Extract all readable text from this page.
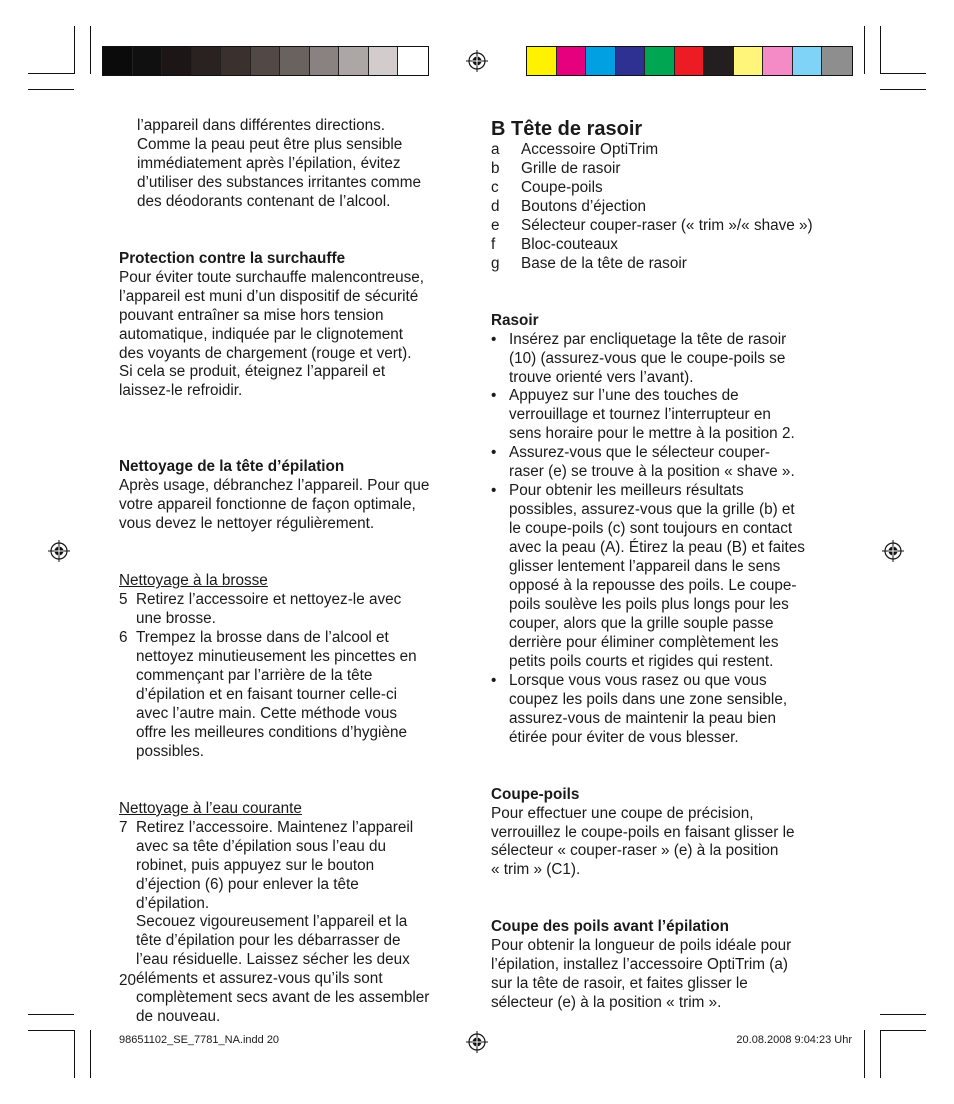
l’appareil dans différentes directions.

Comme la peau peut être plus sensible

immédiatement après l’épilation, évitez

d’utiliser des substances irritantes comme

des déodorants contenant de l’alcool.

Protection contre la surchauffe

Pour éviter toute surchauffe malencontreuse,

l’appareil est muni d’un dispositif de sécurité

pouvant entraîner sa mise hors tension

automatique, indiquée par le clignotement

des voyants de chargement (rouge et vert).

Si cela se produit, éteignez l’appareil et

laissez-le refroidir.

Nettoyage de la tête d’épilation

Après usage, débranchez l’appareil. Pour que

votre appareil fonctionne de façon optimale,

vous devez le nettoyer régulièrement.

Nettoyage à la brosse

5 Retirez l’accessoire et nettoyez-le avec

une brosse.

6 Trempez la brosse dans de l’alcool et

nettoyez minutieusement les pincettes en

commençant par l’arrière de la tête

d’épilation et en faisant tourner celle-ci

avec l’autre main. Cette méthode vous

offre les meilleures conditions d’hygiène

possibles.

Nettoyage à l’eau courante

7 Retirez l’accessoire. Maintenez l’appareil

avec sa tête d’épilation sous l’eau du

robinet, puis appuyez sur le bouton

d’éjection (6) pour enlever la tête

d’épilation.

Secouez vigoureusement l’appareil et la

tête d’épilation pour les débarrasser de

l’eau résiduelle. Laissez sécher les deux

éléments et assurez-vous qu’ils sont

complètement secs avant de les assembler

de nouveau.

20

B Tête de rasoir

a	Accessoire OptiTrim
b	Grille de rasoir
c	Coupe-poils
d	Boutons d’éjection
e	Sélecteur couper-raser (« trim »/« shave »)
f	Bloc-couteaux
g	Base de la tête de rasoir

Rasoir

• Insérez par encliquetage la tête de rasoir

(10) (assurez-vous que le coupe-poils se

trouve orienté vers l’avant).

• Appuyez sur l’une des touches de

verrouillage et tournez l’interrupteur en

sens horaire pour le mettre à la position 2.

• Assurez-vous que le sélecteur couper-

raser (e) se trouve à la position « shave ».

• Pour obtenir les meilleurs résultats

possibles, assurez-vous que la grille (b) et

le coupe-poils (c) sont toujours en contact

avec la peau (A). Étirez la peau (B) et faites

glisser lentement l’appareil dans le sens

opposé à la repousse des poils. Le coupe-

poils soulève les poils plus longs pour les

couper, alors que la grille souple passe

derrière pour éliminer complètement les

petits poils courts et rigides qui restent.

• Lorsque vous vous rasez ou que vous

coupez les poils dans une zone sensible,

assurez-vous de maintenir la peau bien

étirée pour éviter de vous blesser.

Coupe-poils

Pour effectuer une coupe de précision,

verrouillez le coupe-poils en faisant glisser le

sélecteur « couper-raser » (e) à la position

« trim » (C1).

Coupe des poils avant l’épilation

Pour obtenir la longueur de poils idéale pour

l’épilation, installez l’accessoire OptiTrim (a)

sur la tête de rasoir, et faites glisser le

sélecteur (e) à la position « trim ».

98651102_SE_7781_NA.indd 20	20.08.2008 9:04:23 Uhr
